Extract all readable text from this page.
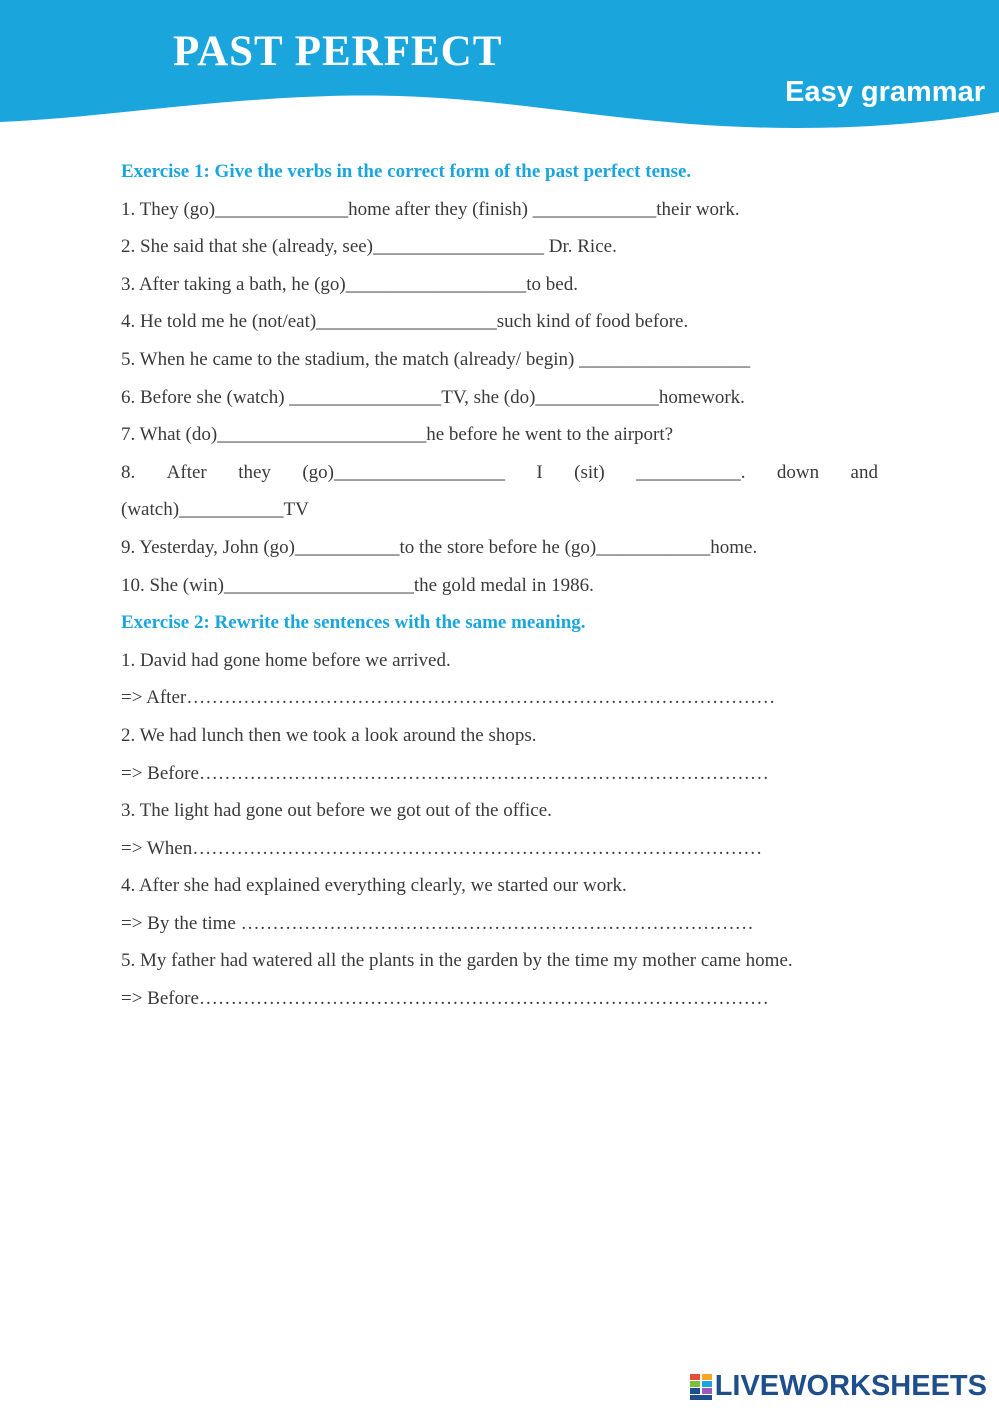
PAST PERFECT
Easy grammar
Exercise 1: Give the verbs in the correct form of the past perfect tense.
1. They (go)______________home after they (finish) _____________their work.
2. She said that she (already, see)__________________ Dr. Rice.
3. After taking a bath, he (go)___________________to bed.
4. He told me he (not/eat)___________________such kind of food before.
5. When he came to the stadium, the match (already/ begin) __________________
6. Before she (watch) ________________TV, she (do)_____________homework.
7. What (do)______________________he before he went to the airport?
8. After they (go)__________________ I (sit) ___________. down and
(watch)___________TV
9. Yesterday, John (go)___________to the store before he (go)____________home.
10. She (win)____________________the gold medal in 1986.
Exercise 2: Rewrite the sentences with the same meaning.
1. David had gone home before we arrived.
=> After…………………………………………………………………………………
2. We had lunch then we took a look around the shops.
=> Before………………………………………………………………………………
3. The light had gone out before we got out of the office.
=> When………………………………………………………………………………
4. After she had explained everything clearly, we started our work.
=> By the time ………………………………………………………………………
5. My father had watered all the plants in the garden by the time my mother came home.
=> Before………………………………………………………………………………
LIVEWORKSHEETS
